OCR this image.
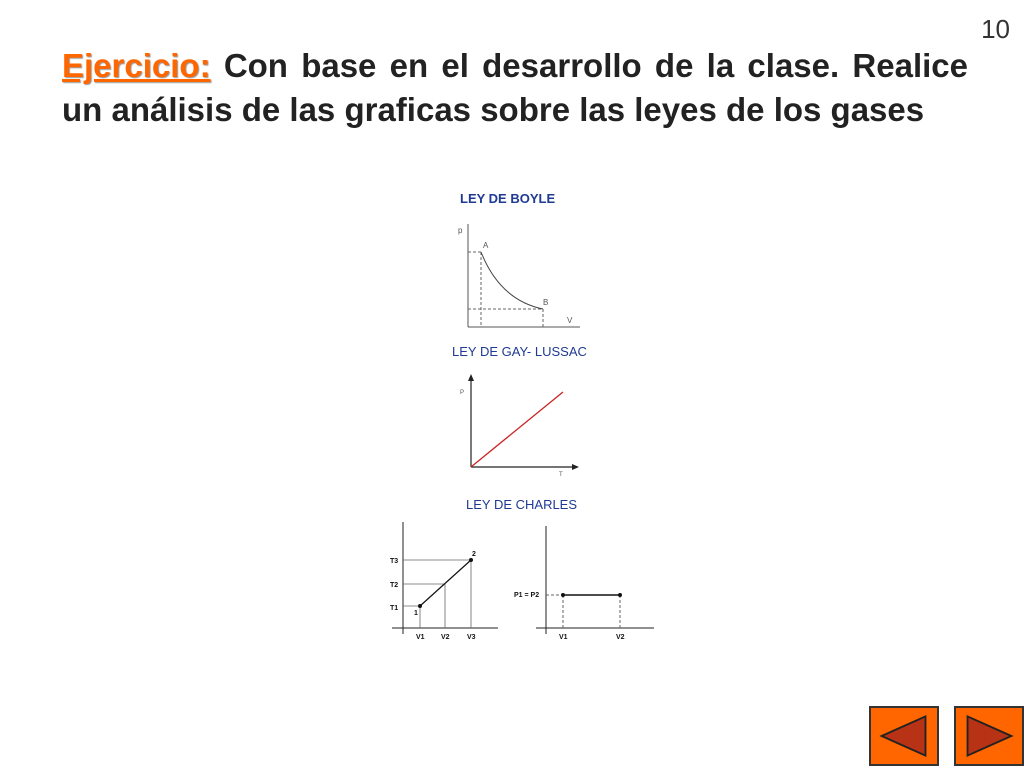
10
Ejercicio: Con base en el desarrollo de la clase. Realice un análisis de las graficas sobre las leyes de los gases
LEY DE BOYLE
p
A
B
V
LEY DE GAY- LUSSAC
P
T
LEY DE CHARLES
T3
T2
T1
1
2
V1 V2 V3
P1 = P2
V1	V2
